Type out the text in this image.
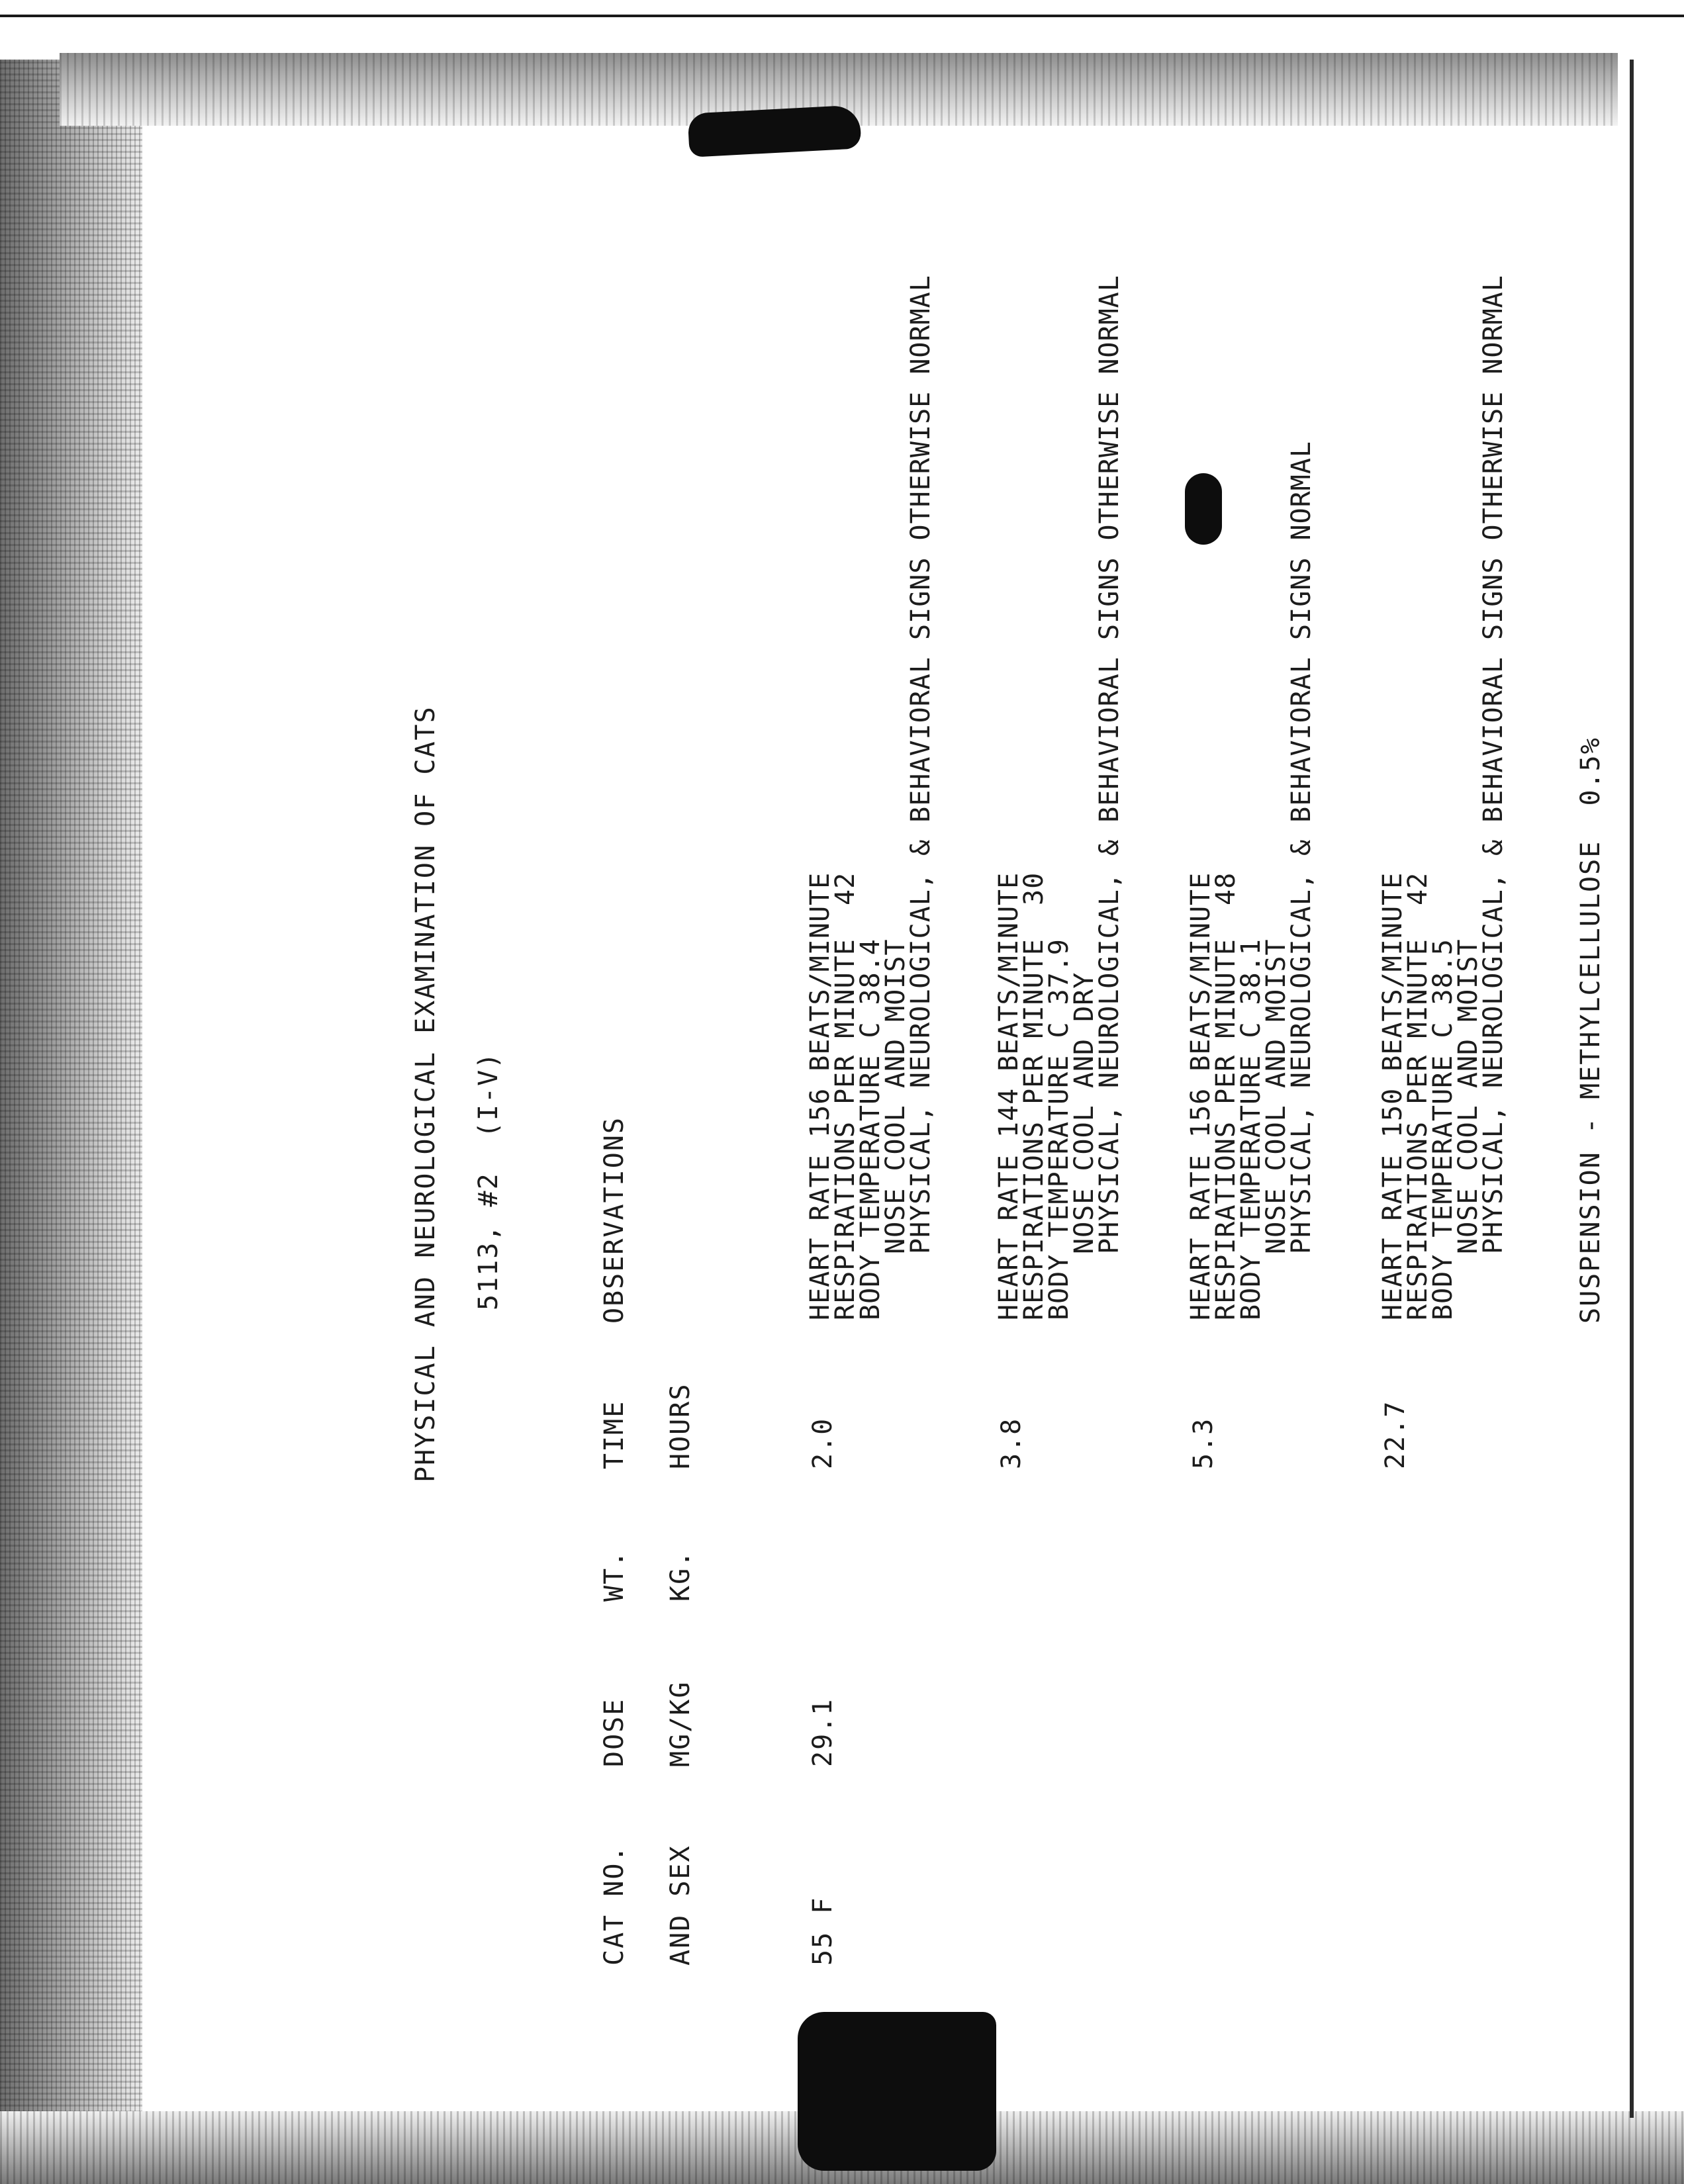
PHYSICAL AND NEUROLOGICAL EXAMINATION OF CATS 5113, #2  (I-V)
CAT NO. AND SEX
DOSE MG/KG
WT. KG.
TIME HOURS
OBSERVATIONS
55 F
29.1
2.0
HEART RATE 156 BEATS/MINUTE
RESPIRATIONS PER MINUTE  42
BODY TEMPERATURE C 38.4
NOSE COOL AND MOIST
PHYSICAL, NEUROLOGICAL, & BEHAVIORAL SIGNS OTHERWISE NORMAL
3.8
HEART RATE 144 BEATS/MINUTE
RESPIRATIONS PER MINUTE  30
BODY TEMPERATURE C 37.9
NOSE COOL AND DRY
PHYSICAL, NEUROLOGICAL, & BEHAVIORAL SIGNS OTHERWISE NORMAL
5.3
HEART RATE 156 BEATS/MINUTE
RESPIRATIONS PER MINUTE  48
BODY TEMPERATURE C 38.1
NOSE COOL AND MOIST
PHYSICAL, NEUROLOGICAL, & BEHAVIORAL SIGNS NORMAL
22.7
HEART RATE 150 BEATS/MINUTE
RESPIRATIONS PER MINUTE  42
BODY TEMPERATURE C 38.5
NOSE COOL AND MOIST
PHYSICAL, NEUROLOGICAL, & BEHAVIORAL SIGNS OTHERWISE NORMAL	SUSPENSION - METHYLCELLULOSE  0.5%
